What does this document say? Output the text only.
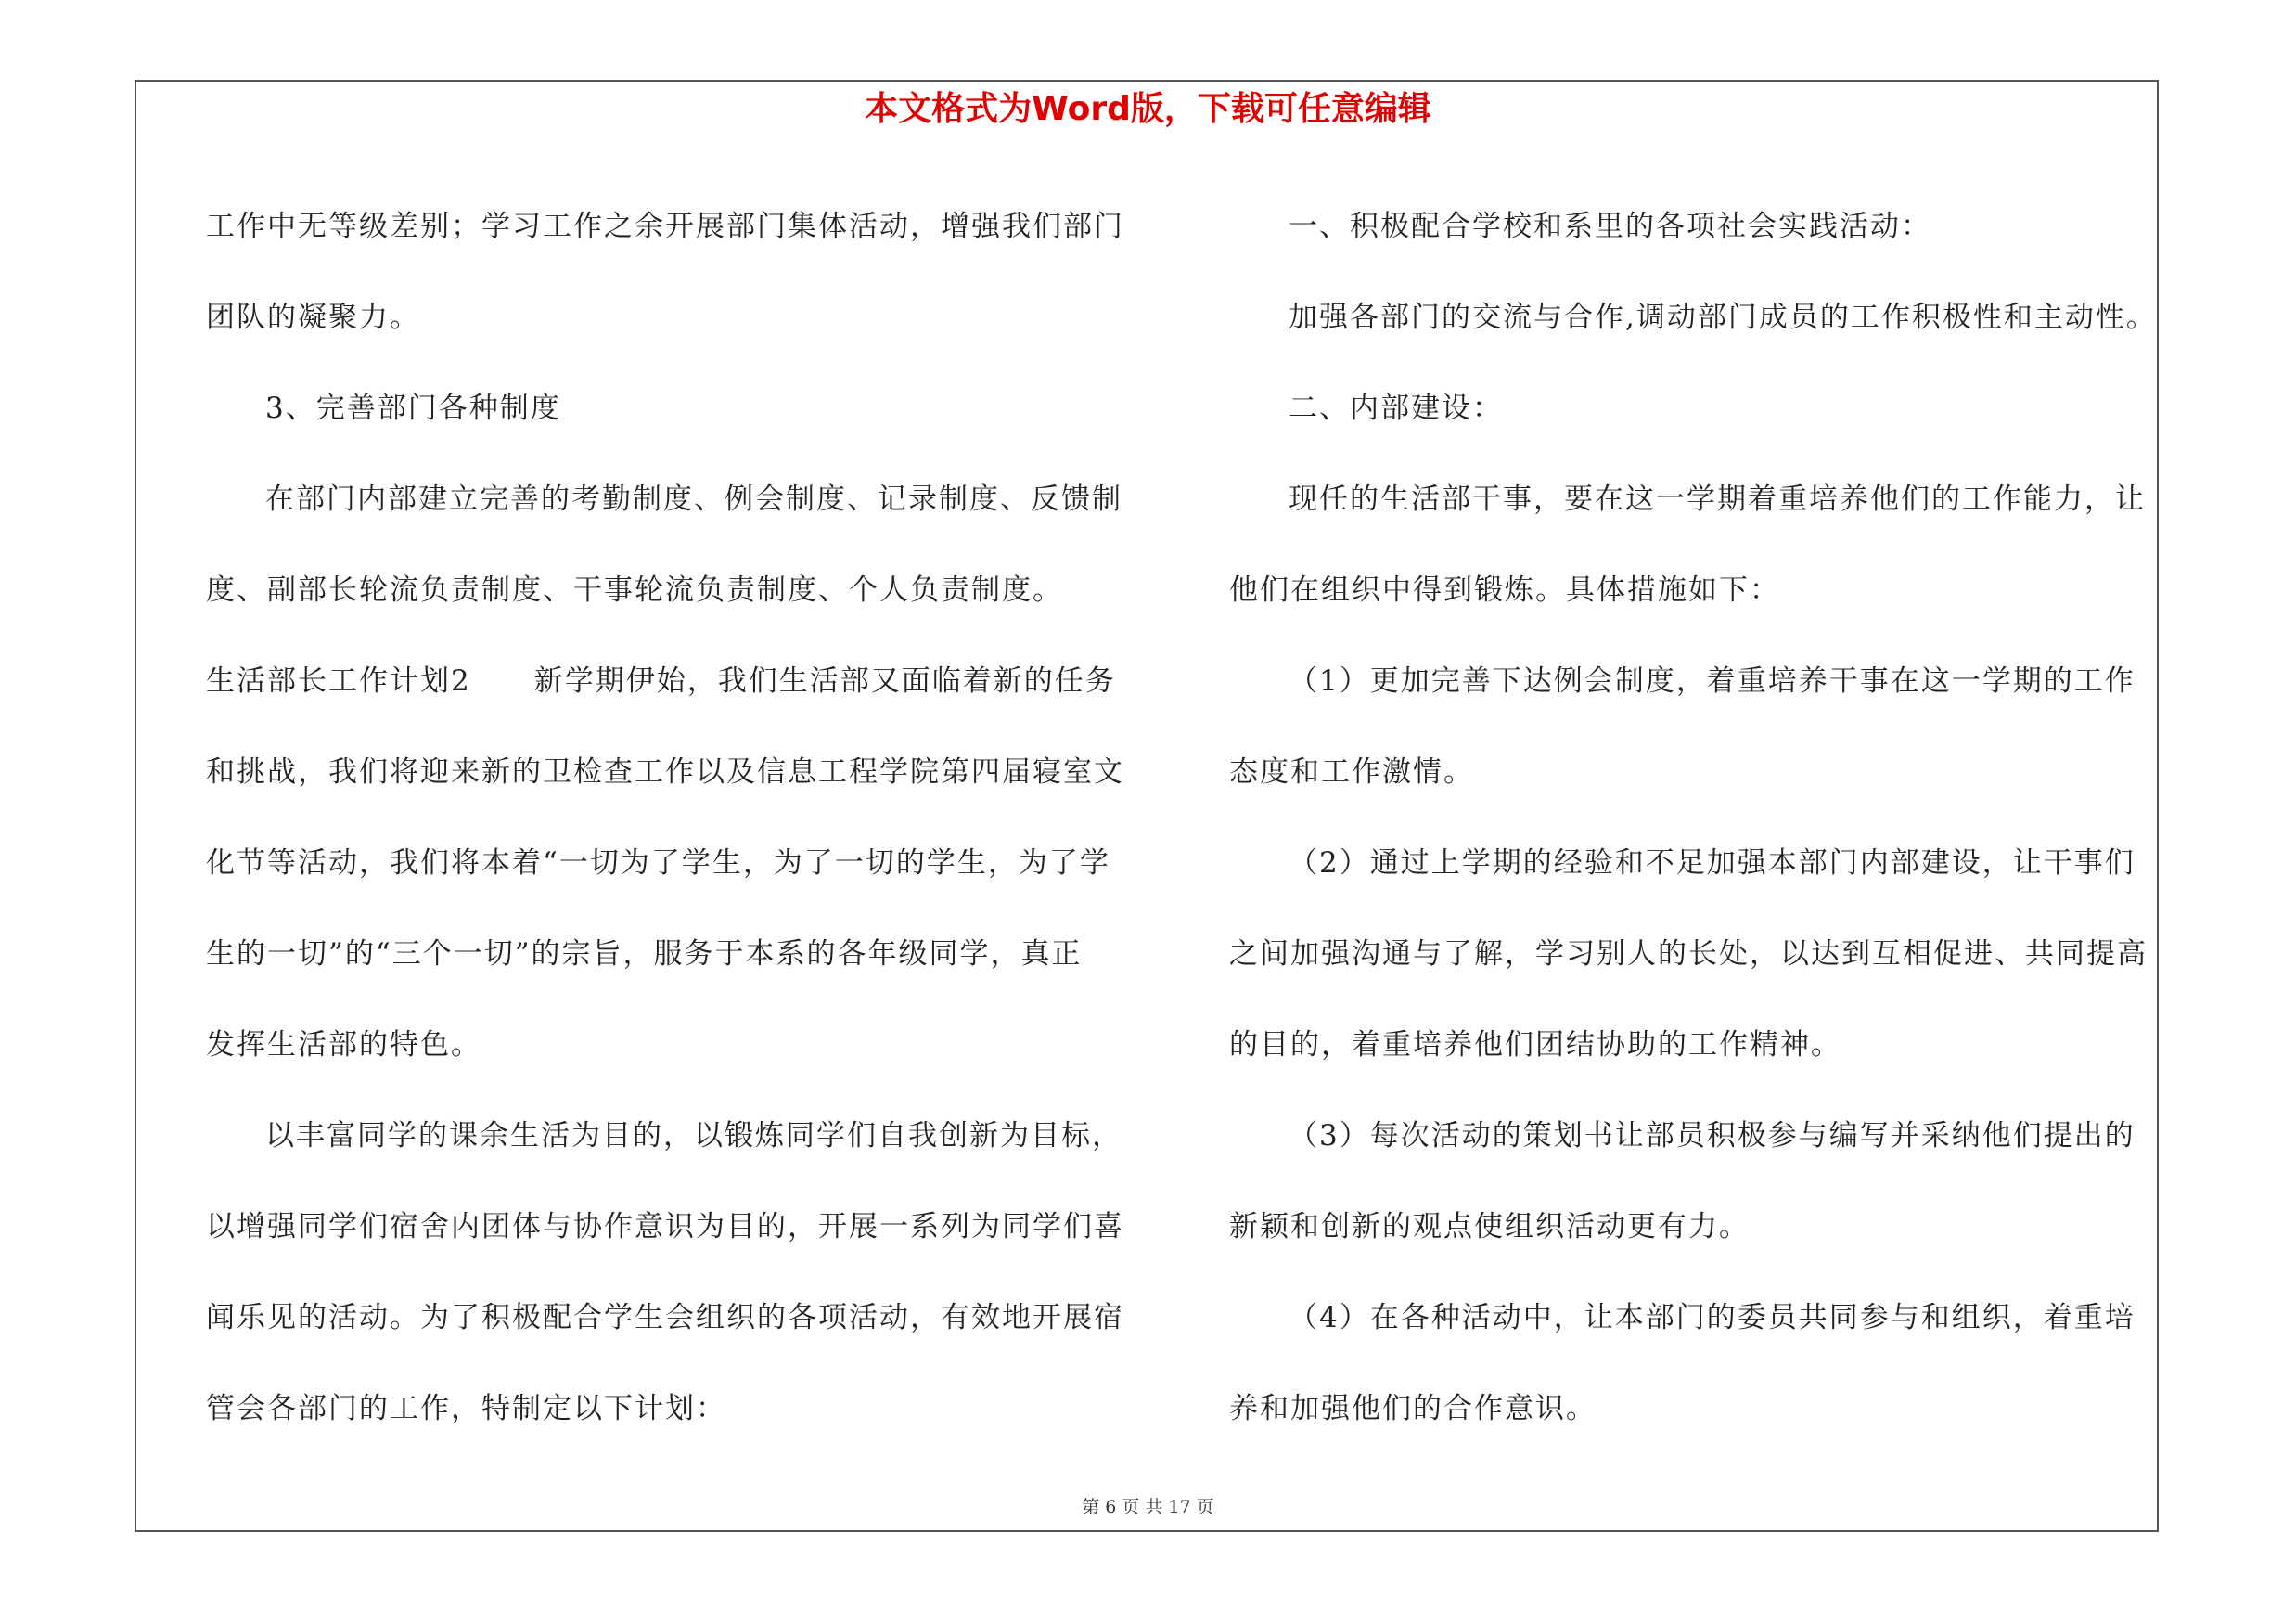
本文格式为Word版，下载可任意编辑
工作中无等级差别；学习工作之余开展部门集体活动，增强我们部门
团队的凝聚力。
3、完善部门各种制度
在部门内部建立完善的考勤制度、例会制度、记录制度、反馈制
度、副部长轮流负责制度、干事轮流负责制度、个人负责制度。
生活部长工作计划2 新学期伊始，我们生活部又面临着新的任务
和挑战，我们将迎来新的卫检查工作以及信息工程学院第四届寝室文
化节等活动，我们将本着“一切为了学生，为了一切的学生，为了学
生的一切”的“三个一切”的宗旨，服务于本系的各年级同学，真正
发挥生活部的特色。
以丰富同学的课余生活为目的，以锻炼同学们自我创新为目标，
以增强同学们宿舍内团体与协作意识为目的，开展一系列为同学们喜
闻乐见的活动。为了积极配合学生会组织的各项活动，有效地开展宿
管会各部门的工作，特制定以下计划：
一、积极配合学校和系里的各项社会实践活动：
加强各部门的交流与合作,调动部门成员的工作积极性和主动性。
二、内部建设：
现任的生活部干事，要在这一学期着重培养他们的工作能力，让
他们在组织中得到锻炼。具体措施如下：
（1）更加完善下达例会制度，着重培养干事在这一学期的工作
态度和工作激情。
（2）通过上学期的经验和不足加强本部门内部建设，让干事们
之间加强沟通与了解，学习别人的长处，以达到互相促进、共同提高
的目的，着重培养他们团结协助的工作精神。
（3）每次活动的策划书让部员积极参与编写并采纳他们提出的
新颖和创新的观点使组织活动更有力。
（4）在各种活动中，让本部门的委员共同参与和组织，着重培
养和加强他们的合作意识。
第 6 页 共 17 页
